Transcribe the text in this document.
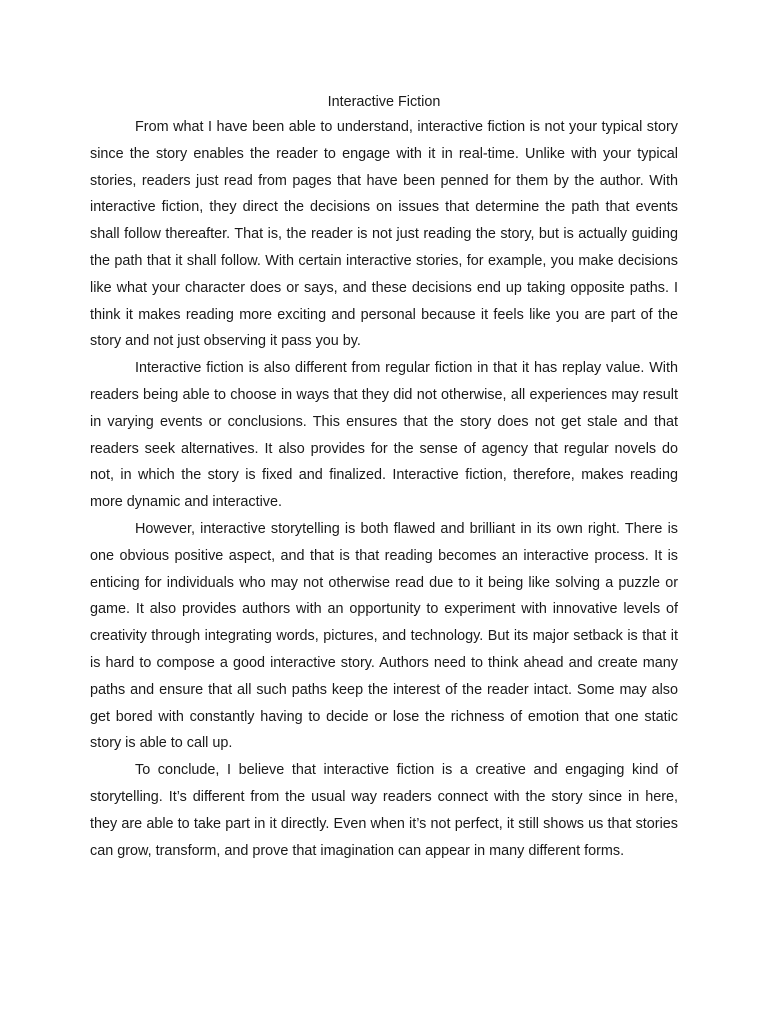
Interactive Fiction

From what I have been able to understand, interactive fiction is not your typical story since the story enables the reader to engage with it in real-time. Unlike with your typical stories, readers just read from pages that have been penned for them by the author. With interactive fiction, they direct the decisions on issues that determine the path that events shall follow thereafter. That is, the reader is not just reading the story, but is actually guiding the path that it shall follow. With certain interactive stories, for example, you make decisions like what your character does or says, and these decisions end up taking opposite paths. I think it makes reading more exciting and personal because it feels like you are part of the story and not just observing it pass you by.

Interactive fiction is also different from regular fiction in that it has replay value. With readers being able to choose in ways that they did not otherwise, all experiences may result in varying events or conclusions. This ensures that the story does not get stale and that readers seek alternatives. It also provides for the sense of agency that regular novels do not, in which the story is fixed and finalized. Interactive fiction, therefore, makes reading more dynamic and interactive.

However, interactive storytelling is both flawed and brilliant in its own right. There is one obvious positive aspect, and that is that reading becomes an interactive process. It is enticing for individuals who may not otherwise read due to it being like solving a puzzle or game. It also provides authors with an opportunity to experiment with innovative levels of creativity through integrating words, pictures, and technology. But its major setback is that it is hard to compose a good interactive story. Authors need to think ahead and create many paths and ensure that all such paths keep the interest of the reader intact. Some may also get bored with constantly having to decide or lose the richness of emotion that one static story is able to call up.

To conclude, I believe that interactive fiction is a creative and engaging kind of storytelling. It’s different from the usual way readers connect with the story since in here, they are able to take part in it directly. Even when it’s not perfect, it still shows us that stories can grow, transform, and prove that imagination can appear in many different forms.
